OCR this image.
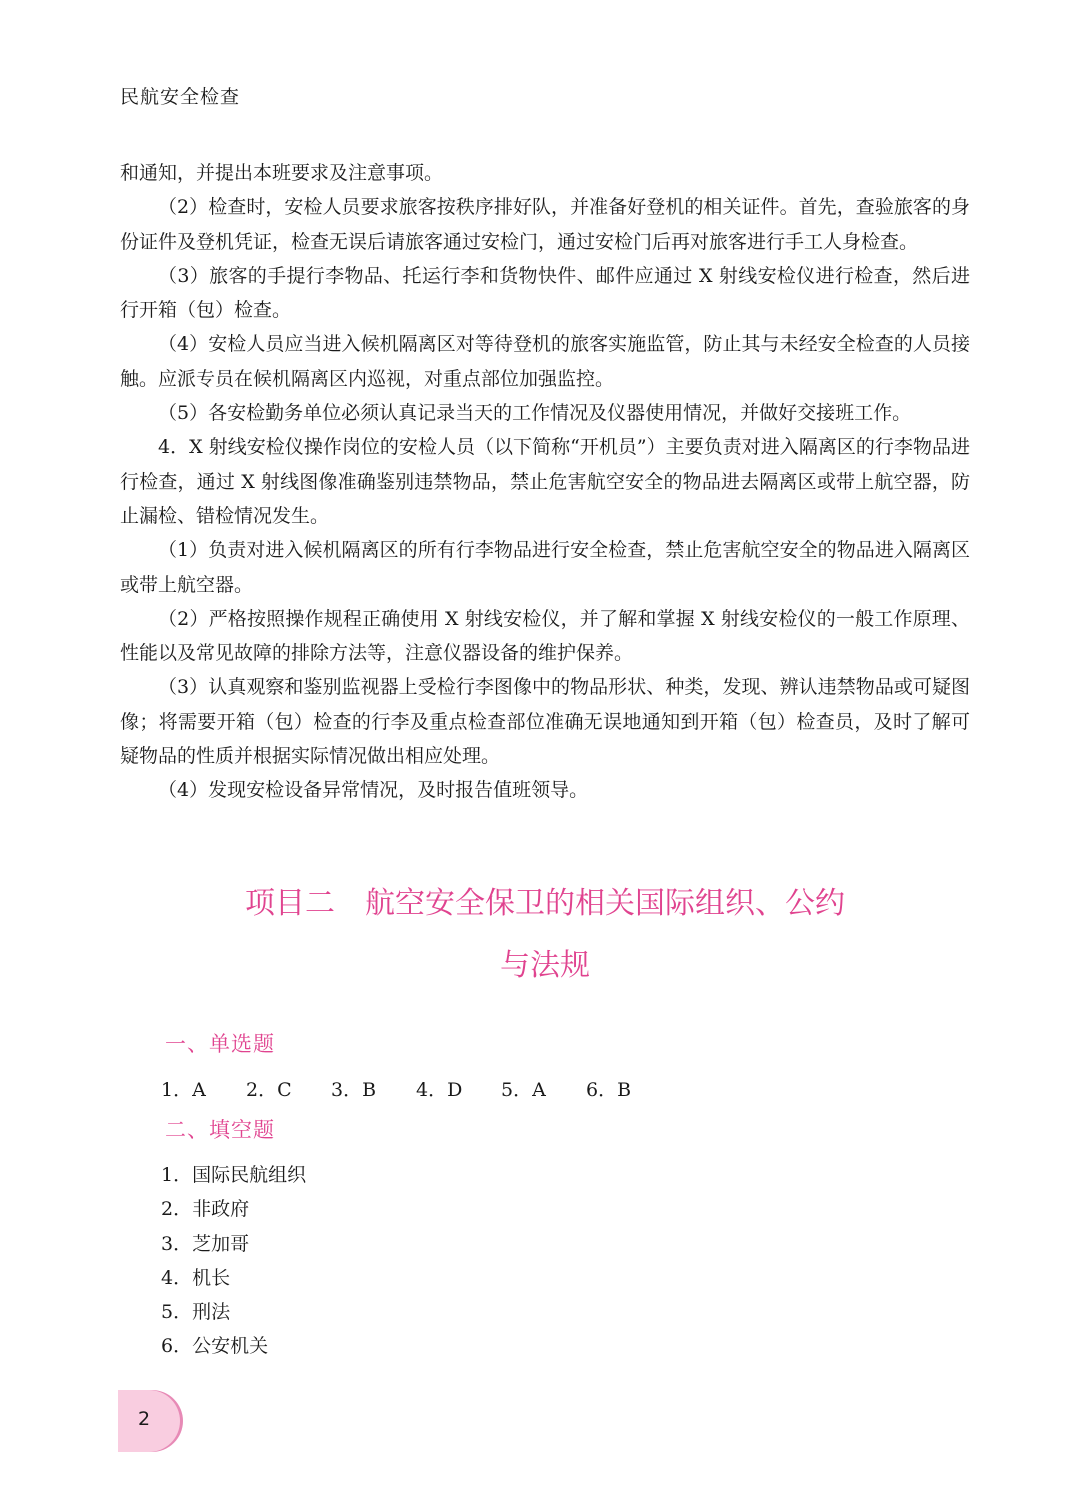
民航安全检查

和通知，并提出本班要求及注意事项。

（2）检查时，安检人员要求旅客按秩序排好队，并准备好登机的相关证件。首先，查验旅客的身份证件及登机凭证，检查无误后请旅客通过安检门，通过安检门后再对旅客进行手工人身检查。

（3）旅客的手提行李物品、托运行李和货物快件、邮件应通过 X 射线安检仪进行检查，然后进行开箱（包）检查。

（4）安检人员应当进入候机隔离区对等待登机的旅客实施监管，防止其与未经安全检查的人员接触。应派专员在候机隔离区内巡视，对重点部位加强监控。

（5）各安检勤务单位必须认真记录当天的工作情况及仪器使用情况，并做好交接班工作。

4．X 射线安检仪操作岗位的安检人员（以下简称“开机员”）主要负责对进入隔离区的行李物品进行检查，通过 X 射线图像准确鉴别违禁物品，禁止危害航空安全的物品进去隔离区或带上航空器，防止漏检、错检情况发生。

（1）负责对进入候机隔离区的所有行李物品进行安全检查，禁止危害航空安全的物品进入隔离区或带上航空器。

（2）严格按照操作规程正确使用 X 射线安检仪，并了解和掌握 X 射线安检仪的一般工作原理、性能以及常见故障的排除方法等，注意仪器设备的维护保养。

（3）认真观察和鉴别监视器上受检行李图像中的物品形状、种类，发现、辨认违禁物品或可疑图像；将需要开箱（包）检查的行李及重点检查部位准确无误地通知到开箱（包）检查员，及时了解可疑物品的性质并根据实际情况做出相应处理。

（4）发现安检设备异常情况，及时报告值班领导。

项目二　航空安全保卫的相关国际组织、公约
与法规
一、单选题
1．A	2．C	3．B	4．D	5．A	6．B
二、填空题
1．国际民航组织
2．非政府
3．芝加哥
4．机长
5．刑法
6．公安机关
2
